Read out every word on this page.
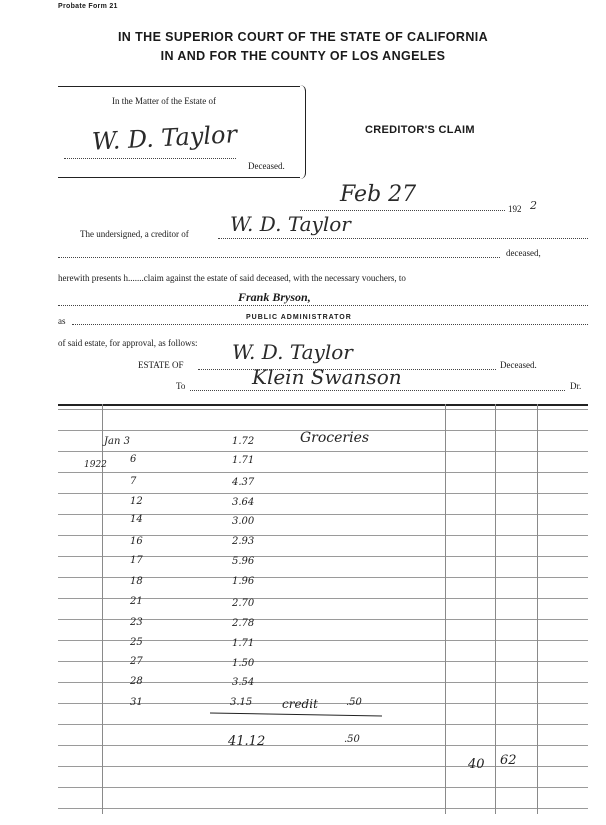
Probate Form 21
IN THE SUPERIOR COURT OF THE STATE OF CALIFORNIA
IN AND FOR THE COUNTY OF LOS ANGELES
In the Matter of the Estate of
W. D. Taylor
Deceased.
CREDITOR'S CLAIM
Feb 27
192 2
The undersigned, a creditor of W. D. Taylor
deceased,
herewith presents h.......claim against the estate of said deceased, with the necessary vouchers, to
Frank Bryson,
as	PUBLIC ADMINISTRATOR
of said estate, for approval, as follows:
ESTATE OF
W. D. Taylor
Deceased.
To	Klein Swanson	Dr.
Jan 3	1.72	Groceries
1922 6	1.71
7	4.37
12	3.64
14	3.00
16	2.93
17	5.96
18	1.96
21	2.70
23	2.78
25	1.71
27	1.50
28	3.54
31	3.15 credit	.50
41.12	.50
40 62
